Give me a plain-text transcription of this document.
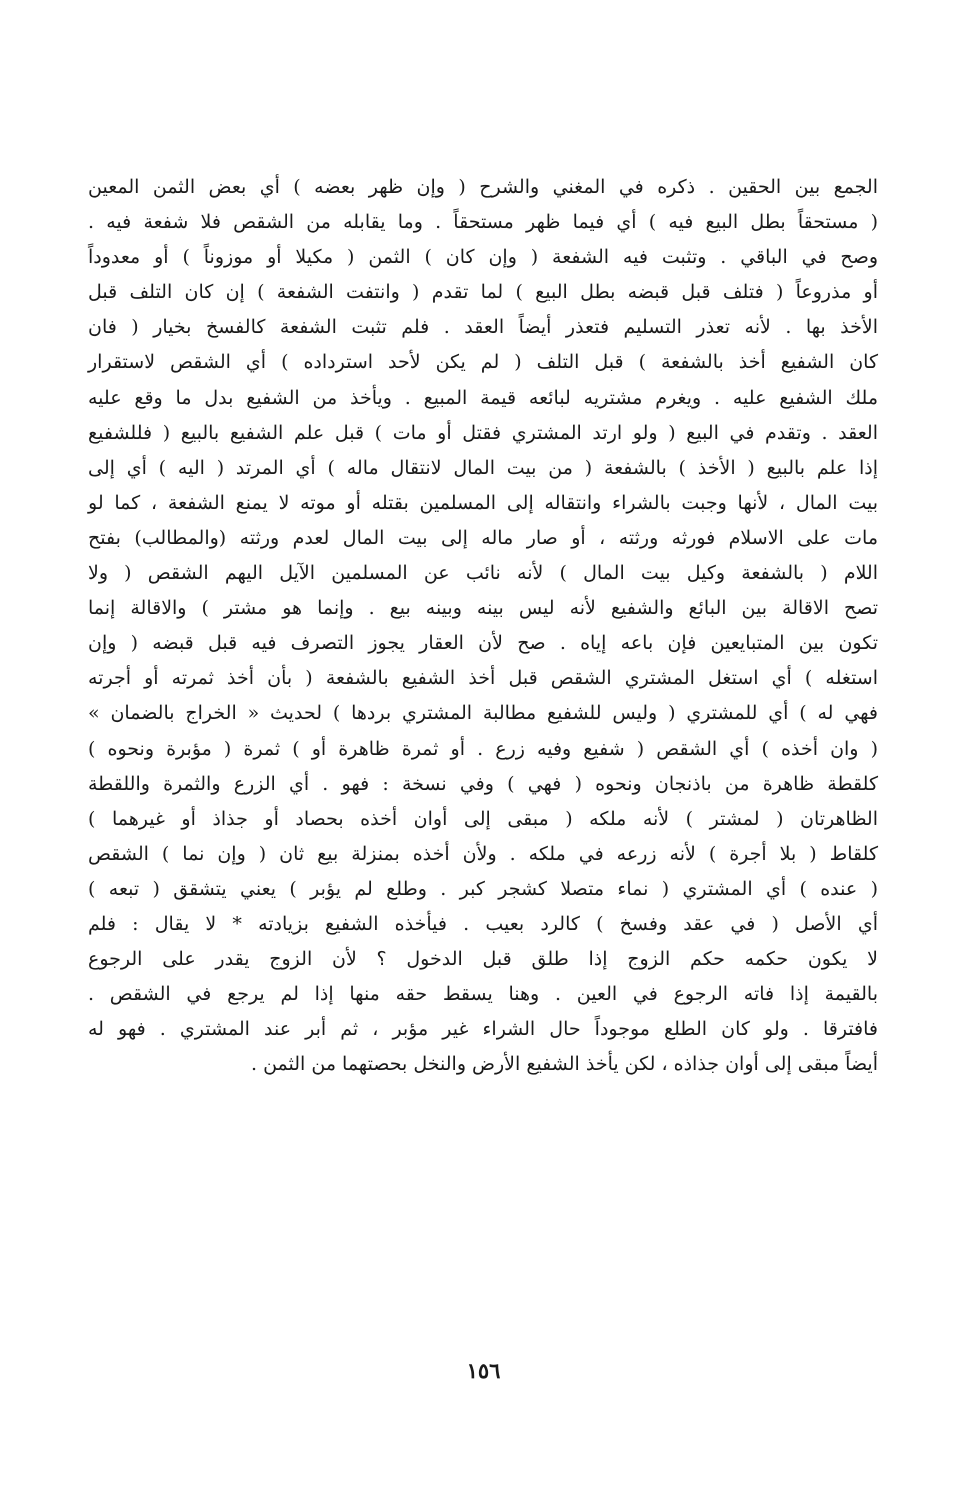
الجمع بين الحقين . ذكره في المغني والشرح ( وإن ظهر بعضه ) أي بعض الثمن المعين
( مستحقاً بطل البيع فيه ) أي فيما ظهر مستحقاً . وما يقابله من الشقص فلا شفعة فيه .
وصح في الباقي . وتثبت فيه الشفعة ( وإن كان ) الثمن ( مكيلا أو موزوناً ) أو معدوداً
أو مذروعاً ( فتلف قبل قبضه بطل البيع ) لما تقدم ( وانتفت الشفعة ) إن كان التلف قبل
الأخذ بها . لأنه تعذر التسليم فتعذر أيضاً العقد . فلم تثبت الشفعة كالفسخ بخيار ( فان
كان الشفيع أخذ بالشفعة ) قبل التلف ( لم يكن لأحد استرداده ) أي الشقص لاستقرار
ملك الشفيع عليه . ويغرم مشتريه لبائعه قيمة المبيع . ويأخذ من الشفيع بدل ما وقع عليه
العقد . وتقدم في البيع ( ولو ارتد المشتري فقتل أو مات ) قبل علم الشفيع بالبيع ( فللشفيع
إذا علم بالبيع ( الأخذ ) بالشفعة ( من بيت المال لانتقال ماله ) أي المرتد ( اليه ) أي إلى
بيت المال ، لأنها وجبت بالشراء وانتقاله إلى المسلمين بقتله أو موته لا يمنع الشفعة ، كما لو
مات على الاسلام فورثه ورثته ، أو صار ماله إلى بيت المال لعدم ورثته (والمطالب) بفتح
اللام ( بالشفعة وكيل بيت المال ) لأنه نائب عن المسلمين الآيل اليهم الشقص ( ولا
تصح الاقالة بين البائع والشفيع لأنه ليس بينه وبينه بيع . وإنما هو مشتر ) والاقالة إنما
تكون بين المتبايعين فإن باعه إياه . صح لأن العقار يجوز التصرف فيه قبل قبضه ( وإن
استغله ) أي استغل المشتري الشقص قبل أخذ الشفيع بالشفعة ( بأن أخذ ثمرته أو أجرته
فهي له ) أي للمشتري ( وليس للشفيع مطالبة المشتري بردها ) لحديث « الخراج بالضمان »
( وان أخذه ) أي الشقص ( شفيع وفيه زرع . أو ثمرة ظاهرة أو ) ثمرة ( مؤبرة ونحوه )
كلقطة ظاهرة من باذنجان ونحوه ( فهي ) وفي نسخة : فهو . أي الزرع والثمرة واللقطة
الظاهرتان ( لمشتر ) لأنه ملكه ( مبقى إلى أوان أخذه بحصاد أو جذاذ أو غيرهما )
كلقاط ( بلا أجرة ) لأنه زرعه في ملكه . ولأن أخذه بمنزلة بيع ثان ( وإن نما ) الشقص
( عنده ) أي المشتري ( نماء متصلا كشجر كبر . وطلع لم يؤبر ) يعني يتشقق ( تبعه )
أي الأصل ( في عقد وفسخ ) كالرد بعيب . فيأخذه الشفيع بزيادته * لا يقال : فلم
لا يكون حكمه حكم الزوج إذا طلق قبل الدخول ؟ لأن الزوج يقدر على الرجوع
بالقيمة إذا فاته الرجوع في العين . وهنا يسقط حقه منها إذا لم يرجع في الشقص .
فافترقا . ولو كان الطلع موجوداً حال الشراء غير مؤبر ، ثم أبر عند المشتري . فهو له
أيضاً مبقى إلى أوان جذاذه ، لكن يأخذ الشفيع الأرض والنخل بحصتهما من الثمن .
١٥٦
